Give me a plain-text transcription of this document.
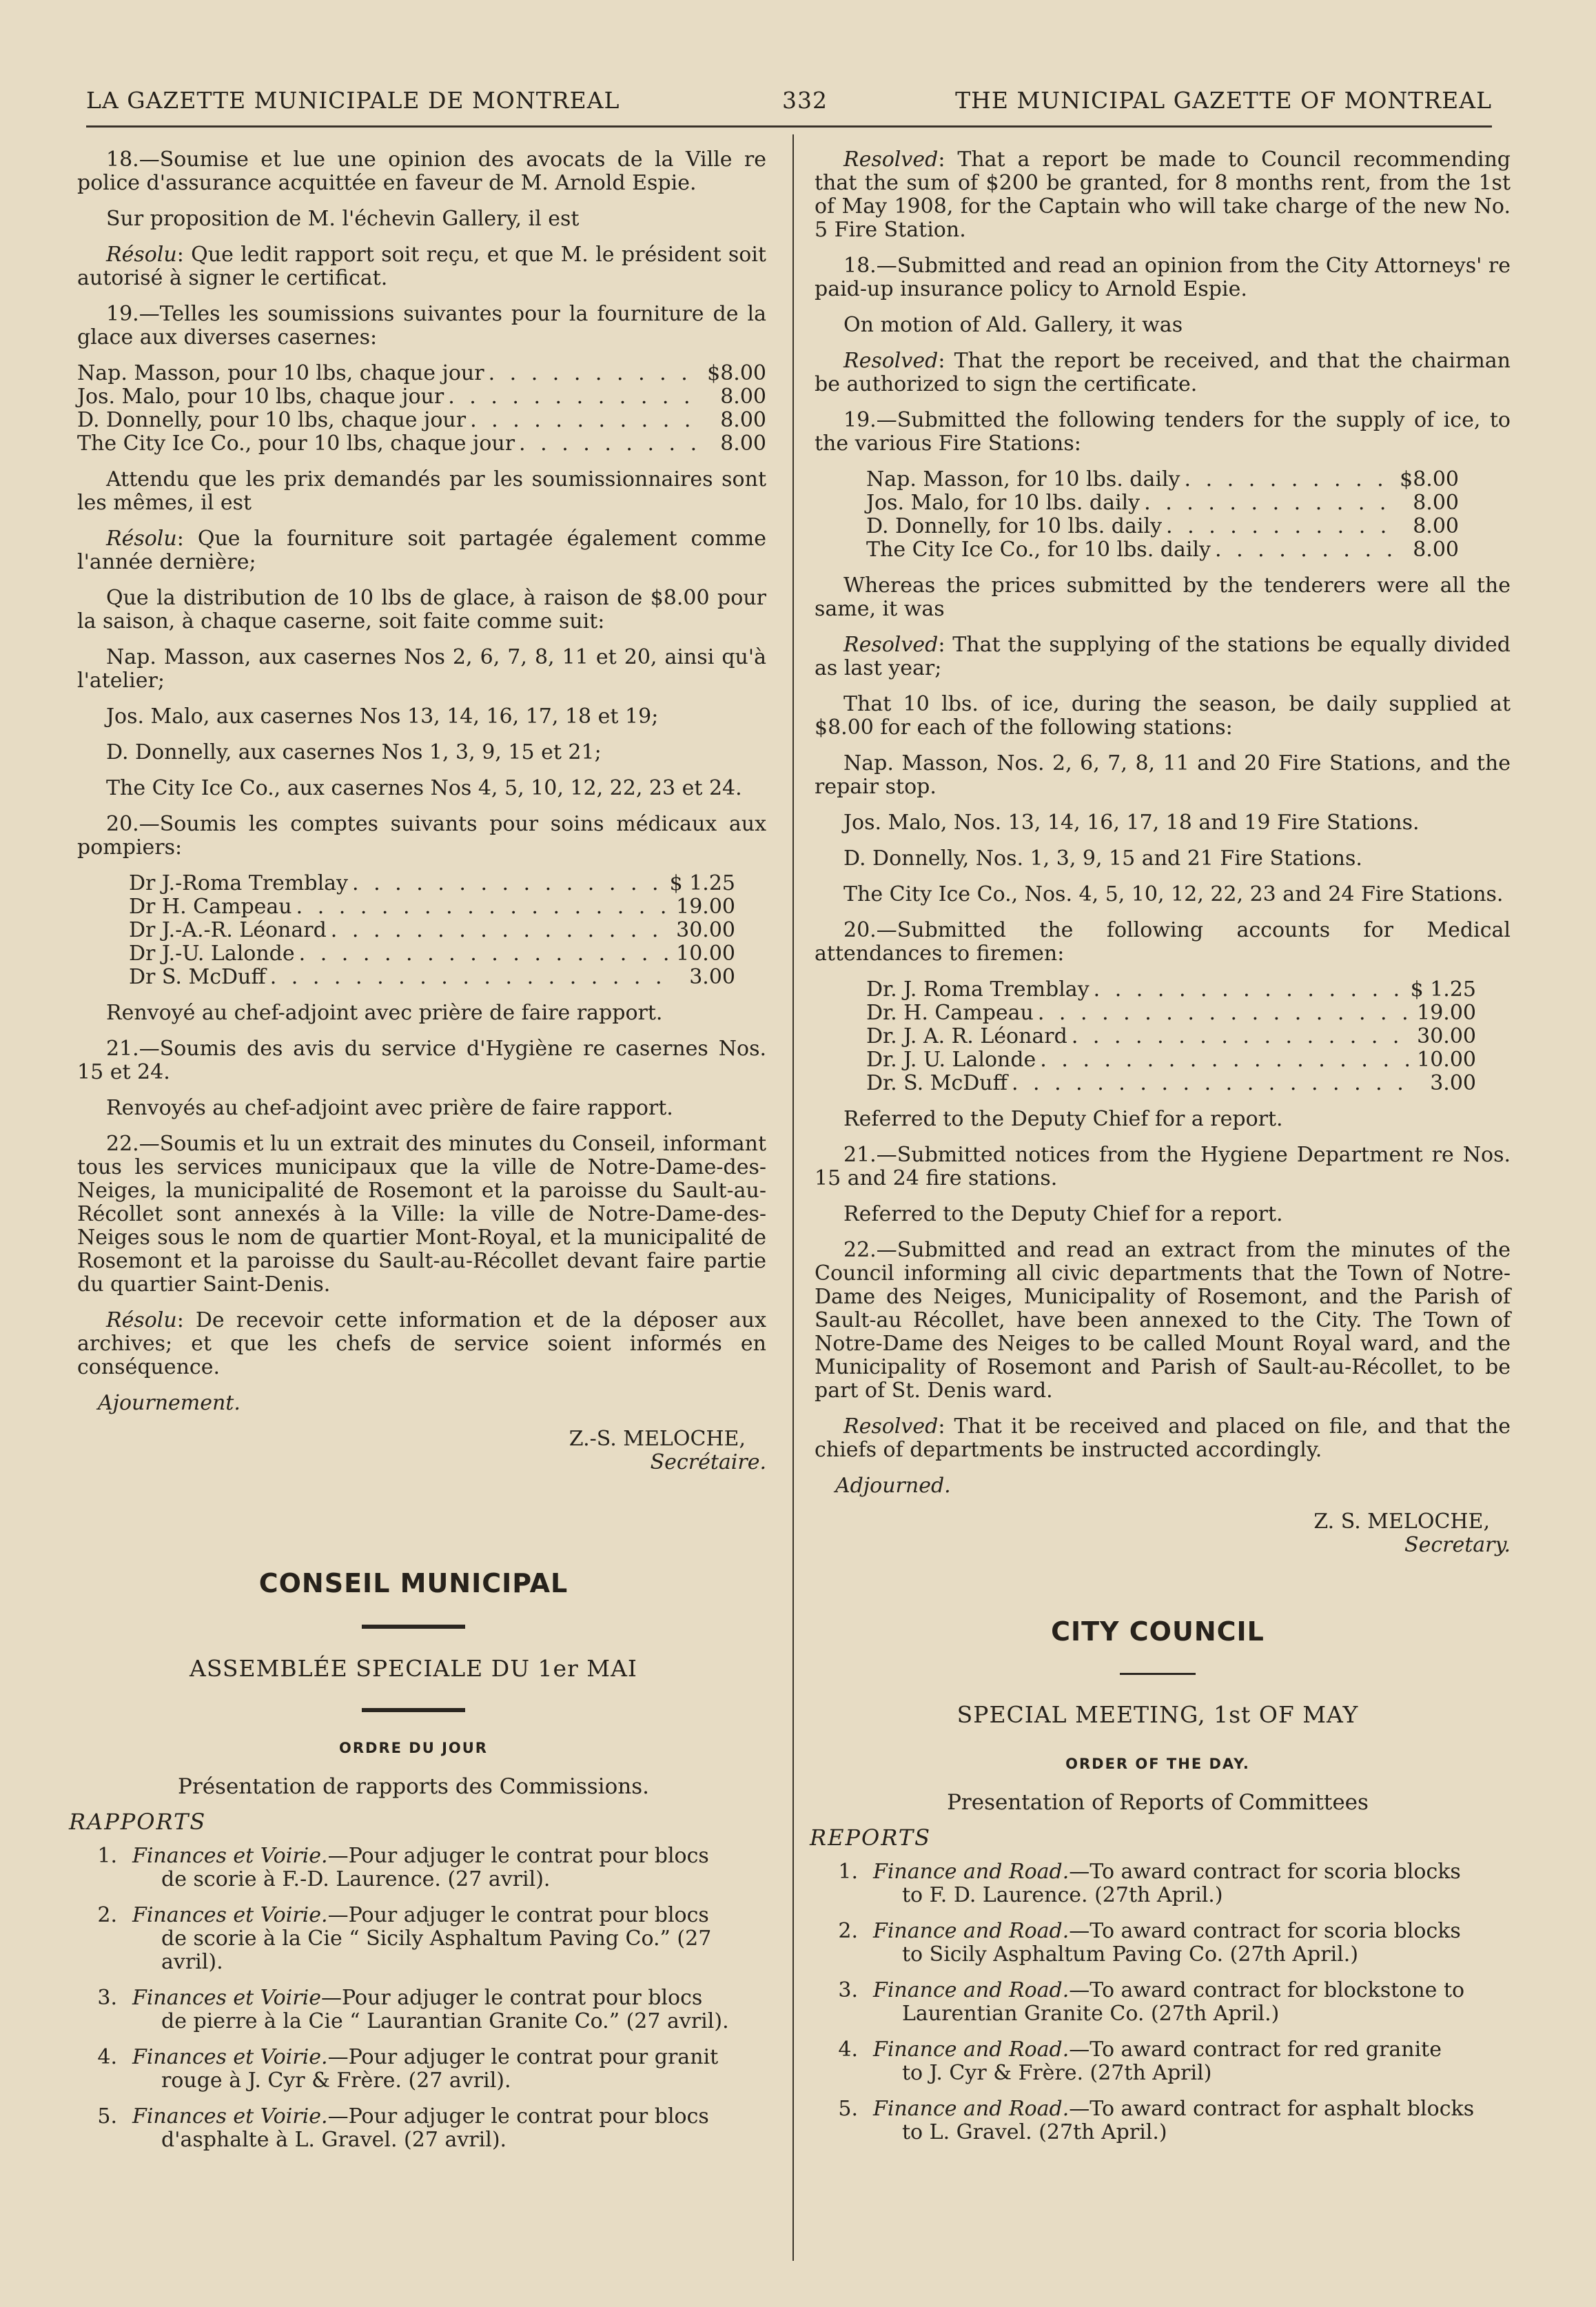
LA GAZETTE MUNICIPALE DE MONTREAL	332	THE MUNICIPAL GAZETTE OF MONTREAL

18.—Soumise et lue une opinion des avocats de la Ville re police d'assurance acquittée en faveur de M. Arnold Espie.

Sur proposition de M. l'échevin Gallery, il est

Résolu: Que ledit rapport soit reçu, et que M. le président soit autorisé à signer le certificat.

19.—Telles les soumissions suivantes pour la fourniture de la glace aux diverses casernes:

Nap. Masson, pour 10 lbs, chaque jour . . .	$8.00
Jos. Malo, pour 10 lbs, chaque jour . . .	8.00
D. Donnelly, pour 10 lbs, chaque jour . . .	8.00
The City Ice Co., pour 10 lbs, chaque jour . . .	8.00

Attendu que les prix demandés par les soumissionnaires sont les mêmes, il est

Résolu: Que la fourniture soit partagée également comme l'année dernière;

Que la distribution de 10 lbs de glace, à raison de $8.00 pour la saison, à chaque caserne, soit faite comme suit:

Nap. Masson, aux casernes Nos 2, 6, 7, 8, 11 et 20, ainsi qu'à l'atelier;

Jos. Malo, aux casernes Nos 13, 14, 16, 17, 18 et 19;

D. Donnelly, aux casernes Nos 1, 3, 9, 15 et 21;

The City Ice Co., aux casernes Nos 4, 5, 10, 12, 22, 23 et 24.

20.—Soumis les comptes suivants pour soins médicaux aux pompiers:

Dr J.-Roma Tremblay . . .	$ 1.25
Dr H. Campeau . . .	19.00
Dr J.-A.-R. Léonard . . .	30.00
Dr J.-U. Lalonde . . .	10.00
Dr S. McDuff . . .	3.00

Renvoyé au chef-adjoint avec prière de faire rapport.

21.—Soumis des avis du service d'Hygiène re casernes Nos. 15 et 24.

Renvoyés au chef-adjoint avec prière de faire rapport.

22.—Soumis et lu un extrait des minutes du Conseil, informant tous les services municipaux que la ville de Notre-Dame-des-Neiges, la municipalité de Rosemont et la paroisse du Sault-au-Récollet sont annexés à la Ville: la ville de Notre-Dame-des-Neiges sous le nom de quartier Mont-Royal, et la municipalité de Rosemont et la paroisse du Sault-au-Récollet devant faire partie du quartier Saint-Denis.

Résolu: De recevoir cette information et de la déposer aux archives; et que les chefs de service soient informés en conséquence.

Ajournement.

Z.-S. MELOCHE,
Secrétaire.

Resolved: That a report be made to Council recommending that the sum of $200 be granted, for 8 months rent, from the 1st of May 1908, for the Captain who will take charge of the new No. 5 Fire Station.

18.—Submitted and read an opinion from the City Attorneys' re paid-up insurance policy to Arnold Espie.

On motion of Ald. Gallery, it was

Resolved: That the report be received, and that the chairman be authorized to sign the certificate.

19.—Submitted the following tenders for the supply of ice, to the various Fire Stations:

Nap. Masson, for 10 lbs. daily . . .	$8.00
Jos. Malo, for 10 lbs. daily . . .	8.00
D. Donnelly, for 10 lbs. daily . . .	8.00
The City Ice Co., for 10 lbs. daily . . .	8.00

Whereas the prices submitted by the tenderers were all the same, it was

Resolved: That the supplying of the stations be equally divided as last year;

That 10 lbs. of ice, during the season, be daily supplied at $8.00 for each of the following stations:

Nap. Masson, Nos. 2, 6, 7, 8, 11 and 20 Fire Stations, and the repair stop.

Jos. Malo, Nos. 13, 14, 16, 17, 18 and 19 Fire Stations.

D. Donnelly, Nos. 1, 3, 9, 15 and 21 Fire Stations.

The City Ice Co., Nos. 4, 5, 10, 12, 22, 23 and 24 Fire Stations.

20.—Submitted the following accounts for Medical attendances to firemen:

Dr. J. Roma Tremblay . . .	$ 1.25
Dr. H. Campeau . . .	19.00
Dr. J. A. R. Léonard . . .	30.00
Dr. J. U. Lalonde . . .	10.00
Dr. S. McDuff . . .	3.00

Referred to the Deputy Chief for a report.

21.—Submitted notices from the Hygiene Department re Nos. 15 and 24 fire stations.

Referred to the Deputy Chief for a report.

22.—Submitted and read an extract from the minutes of the Council informing all civic departments that the Town of Notre-Dame des Neiges, Municipality of Rosemont, and the Parish of Sault-au Récollet, have been annexed to the City. The Town of Notre-Dame des Neiges to be called Mount Royal ward, and the Municipality of Rosemont and Parish of Sault-au-Récollet, to be part of St. Denis ward.

Resolved: That it be received and placed on file, and that the chiefs of departments be instructed accordingly.

Adjourned.

Z. S. MELOCHE,
Secretary.
CONSEIL MUNICIPAL
ASSEMBLÉE SPECIALE DU 1er MAI
ORDRE DU JOUR
Présentation de rapports des Commissions.
RAPPORTS
1. Finances et Voirie.—Pour adjuger le contrat pour blocs
de scorie à F.-D. Laurence. (27 avril).
2. Finances et Voirie.—Pour adjuger le contrat pour blocs
de scorie à la Cie “ Sicily Asphaltum Paving Co.” (27 avril).
3. Finances et Voirie—Pour adjuger le contrat pour blocs
de pierre à la Cie “ Laurantian Granite Co.” (27 avril).
4. Finances et Voirie.—Pour adjuger le contrat pour granit
rouge à J. Cyr & Frère. (27 avril).
5. Finances et Voirie.—Pour adjuger le contrat pour blocs
d'asphalte à L. Gravel. (27 avril).
CITY COUNCIL
SPECIAL MEETING, 1st OF MAY
ORDER OF THE DAY.
Presentation of Reports of Committees
REPORTS
1. Finance and Road.—To award contract for scoria blocks
to F. D. Laurence. (27th April.)
2. Finance and Road.—To award contract for scoria blocks
to Sicily Asphaltum Paving Co. (27th April.)
3. Finance and Road.—To award contract for blockstone to
Laurentian Granite Co. (27th April.)
4. Finance and Road.—To award contract for red granite
to J. Cyr & Frère. (27th April)
5. Finance and Road.—To award contract for asphalt blocks
to L. Gravel. (27th April.)
